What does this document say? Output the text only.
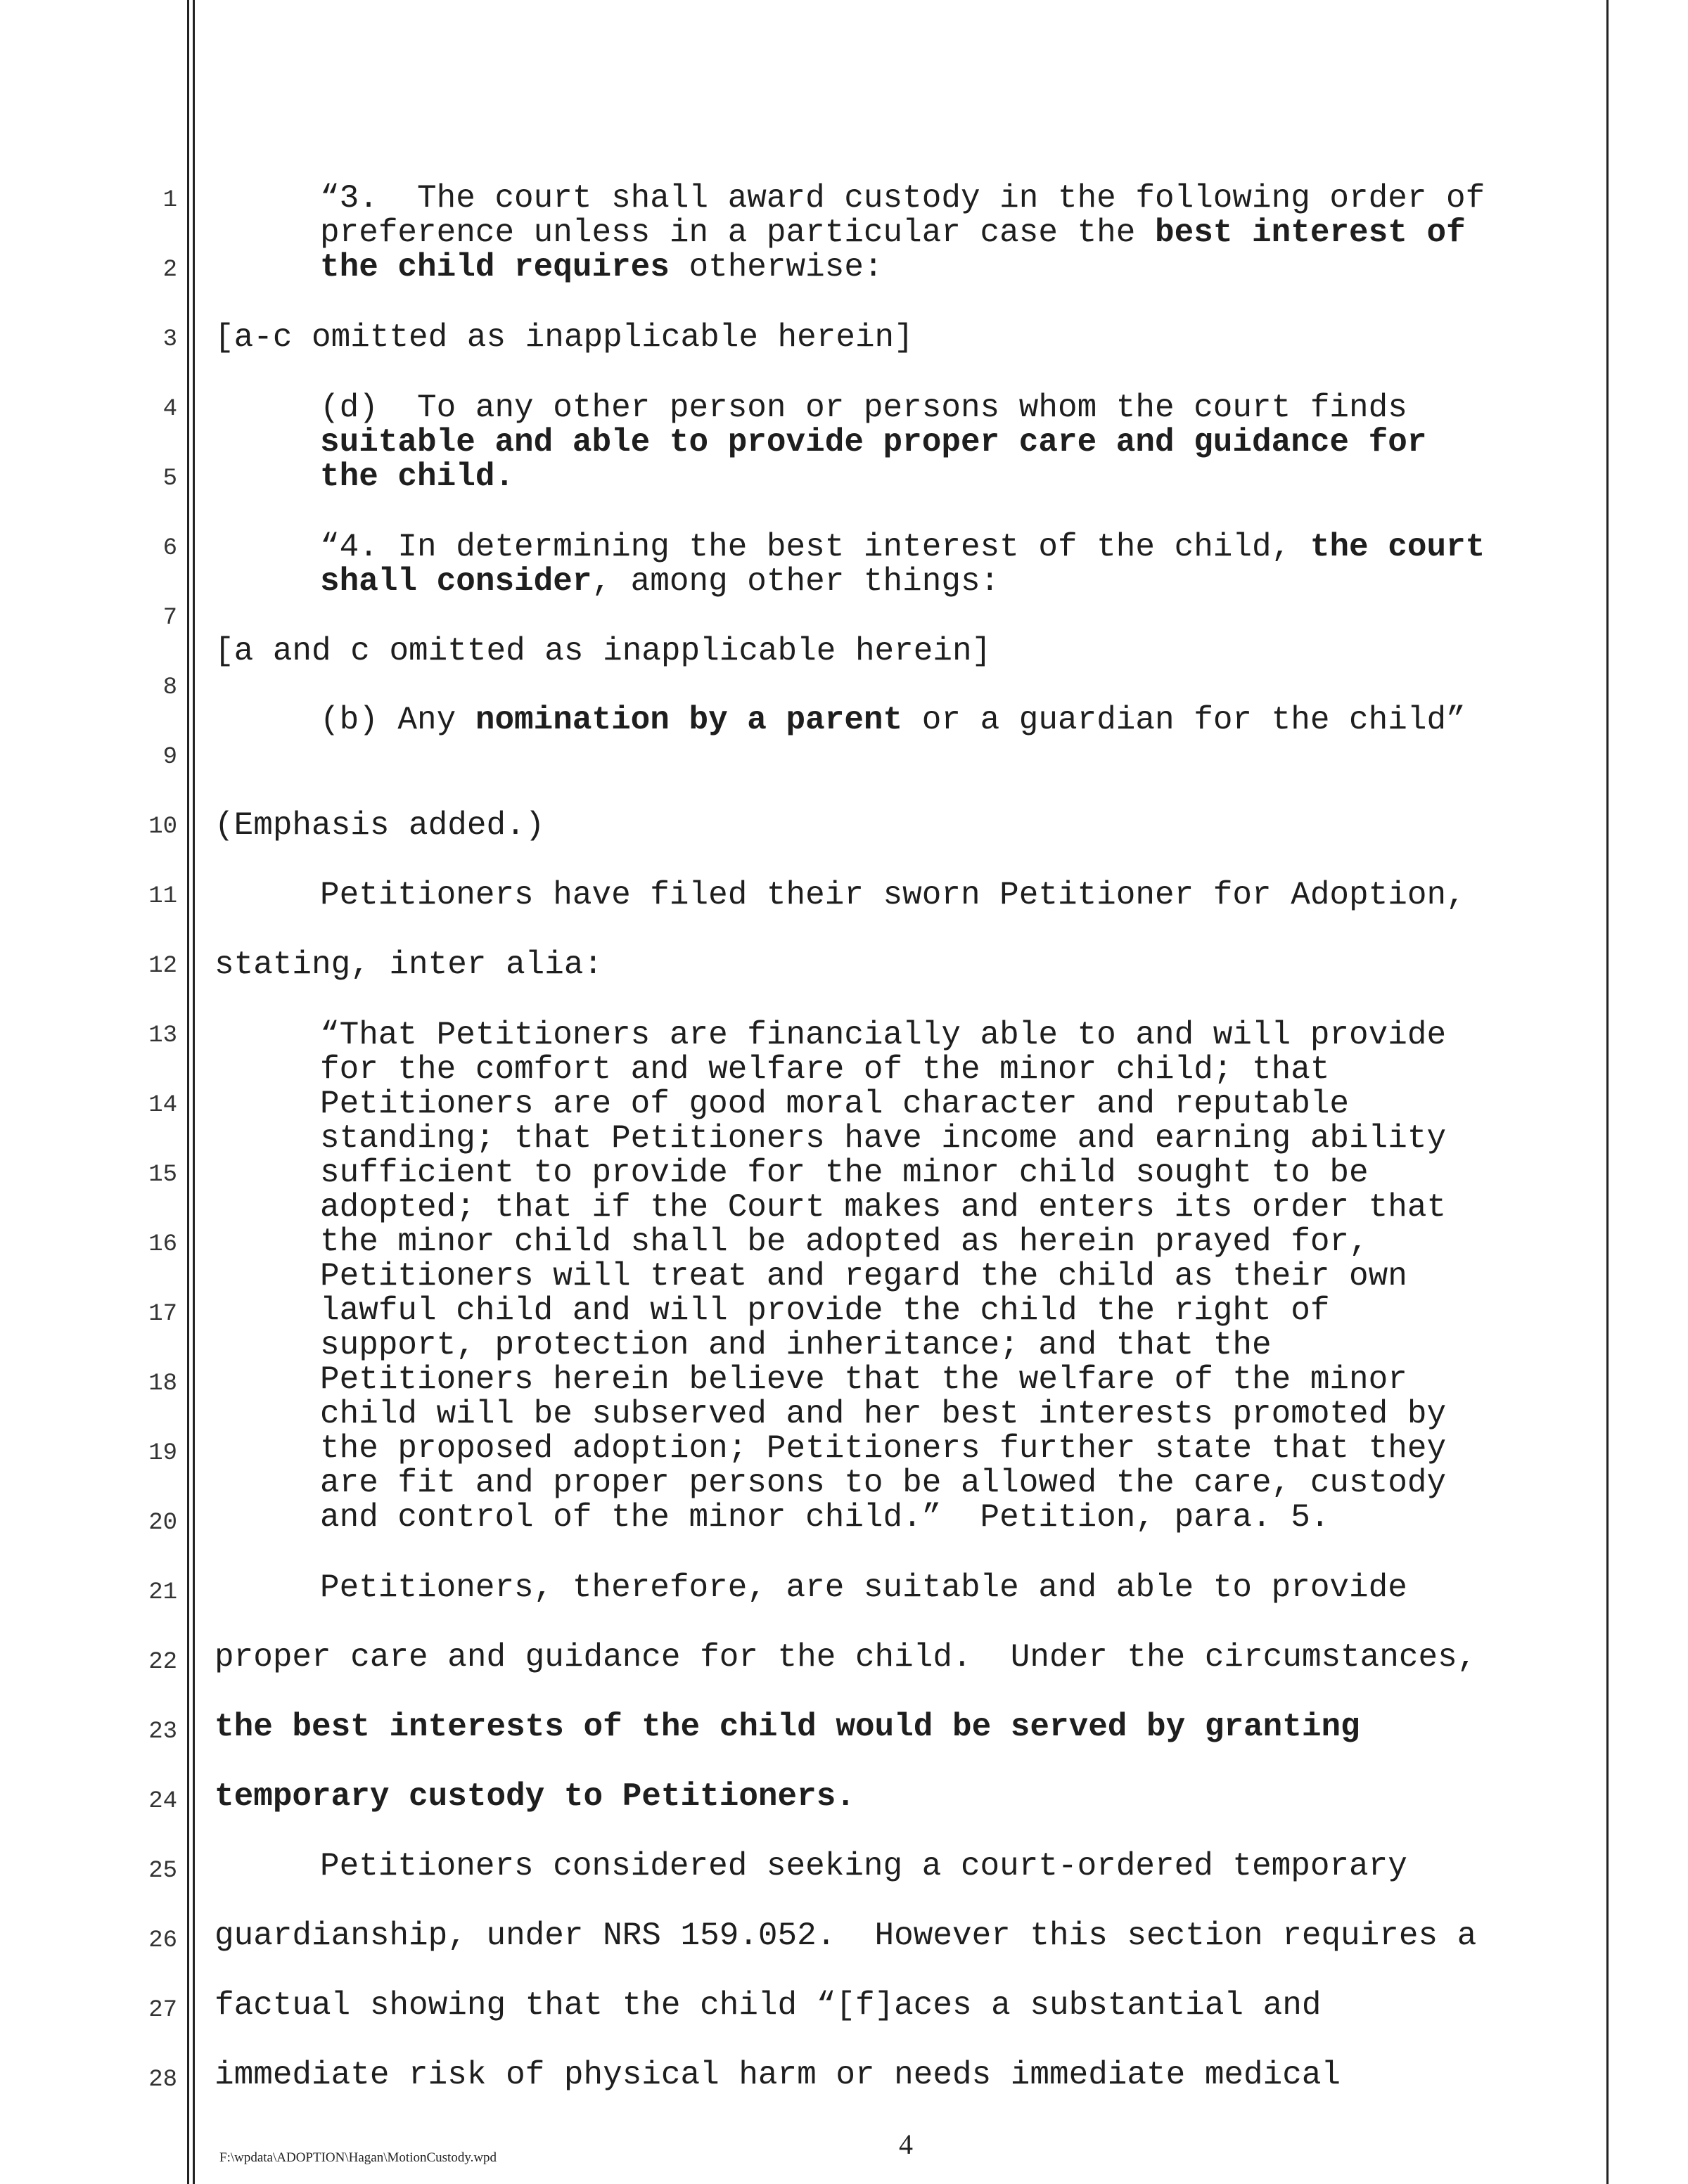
1
2
3
4
5
6
7
8
9
10
11
12
13
14
15
16
17
18
19
20
21
22
23
24
25
26
27
28
“3.  The court shall award custody in the following order of
preference unless in a particular case the best interest of
the child requires otherwise:
[a-c omitted as inapplicable herein]
(d)  To any other person or persons whom the court finds
suitable and able to provide proper care and guidance for
the child.
“4. In determining the best interest of the child, the court
shall consider, among other things:
[a and c omitted as inapplicable herein]
(b) Any nomination by a parent or a guardian for the child”
(Emphasis added.)
Petitioners have filed their sworn Petitioner for Adoption,
stating, inter alia:
“That Petitioners are financially able to and will provide
for the comfort and welfare of the minor child; that
Petitioners are of good moral character and reputable
standing; that Petitioners have income and earning ability
sufficient to provide for the minor child sought to be
adopted; that if the Court makes and enters its order that
the minor child shall be adopted as herein prayed for,
Petitioners will treat and regard the child as their own
lawful child and will provide the child the right of
support, protection and inheritance; and that the
Petitioners herein believe that the welfare of the minor
child will be subserved and her best interests promoted by
the proposed adoption; Petitioners further state that they
are fit and proper persons to be allowed the care, custody
and control of the minor child.”  Petition, para. 5.
Petitioners, therefore, are suitable and able to provide
proper care and guidance for the child.  Under the circumstances,
the best interests of the child would be served by granting
temporary custody to Petitioners.
Petitioners considered seeking a court-ordered temporary
guardianship, under NRS 159.052.  However this section requires a
factual showing that the child “[f]aces a substantial and
immediate risk of physical harm or needs immediate medical
F:\wpdata\ADOPTION\Hagan\MotionCustody.wpd	4
